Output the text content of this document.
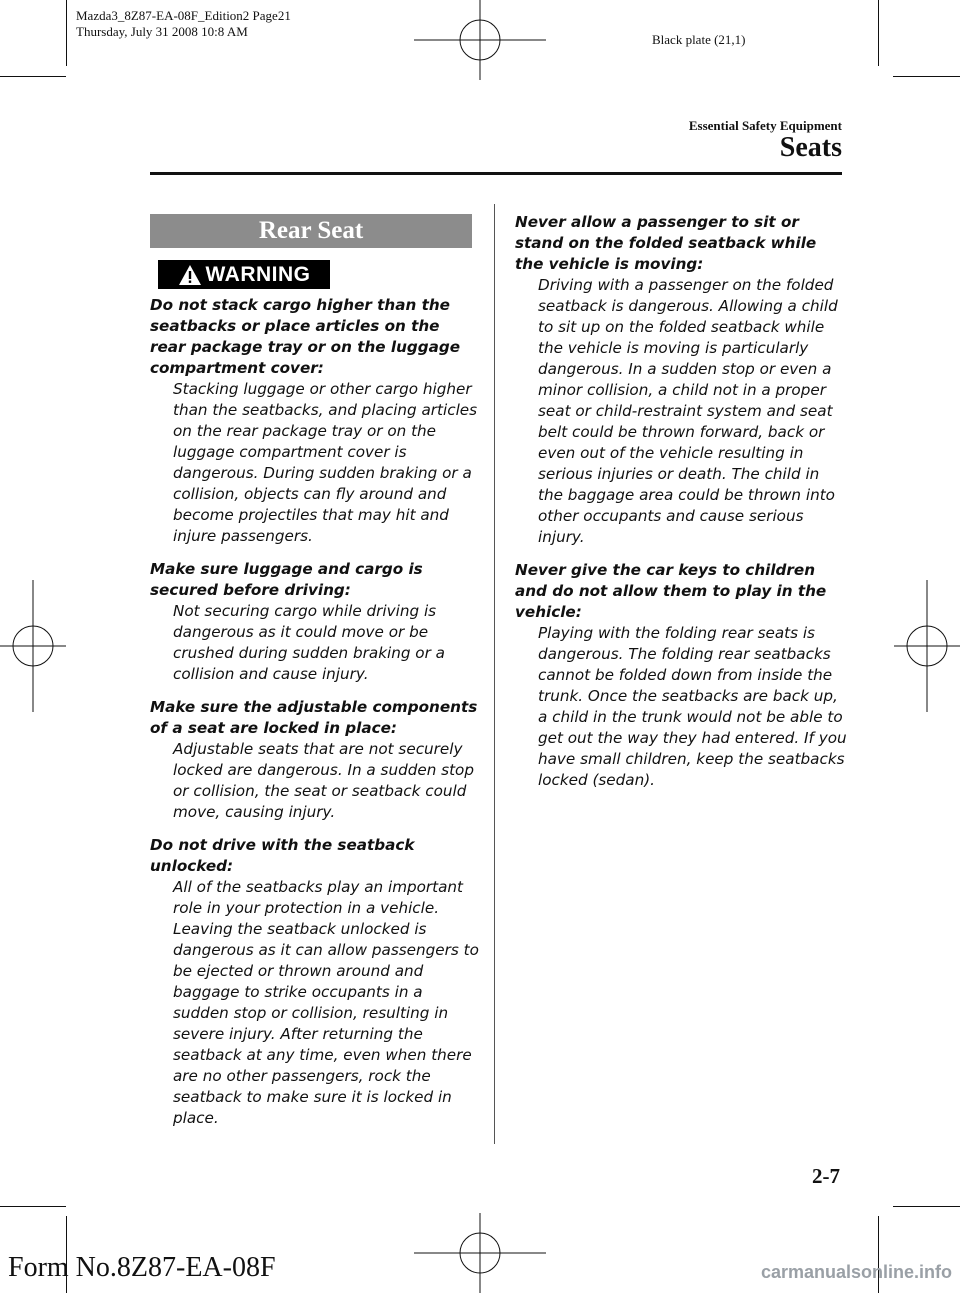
Mazda3_8Z87-EA-08F_Edition2 Page21
Thursday, July 31 2008 10:8 AM
Black plate (21,1)
Essential Safety Equipment
Seats
Rear Seat
WARNING
Do not stack cargo higher than the seatbacks or place articles on the rear package tray or on the luggage compartment cover:
Stacking luggage or other cargo higher than the seatbacks, and placing articles on the rear package tray or on the luggage compartment cover is dangerous. During sudden braking or a collision, objects can fly around and become projectiles that may hit and injure passengers.
Make sure luggage and cargo is secured before driving:
Not securing cargo while driving is dangerous as it could move or be crushed during sudden braking or a collision and cause injury.
Make sure the adjustable components of a seat are locked in place:
Adjustable seats that are not securely locked are dangerous. In a sudden stop or collision, the seat or seatback could move, causing injury.
Do not drive with the seatback unlocked:
All of the seatbacks play an important role in your protection in a vehicle. Leaving the seatback unlocked is dangerous as it can allow passengers to be ejected or thrown around and baggage to strike occupants in a sudden stop or collision, resulting in severe injury. After returning the seatback at any time, even when there are no other passengers, rock the seatback to make sure it is locked in place.
Never allow a passenger to sit or stand on the folded seatback while the vehicle is moving:
Driving with a passenger on the folded seatback is dangerous. Allowing a child to sit up on the folded seatback while the vehicle is moving is particularly dangerous. In a sudden stop or even a minor collision, a child not in a proper seat or child-restraint system and seat belt could be thrown forward, back or even out of the vehicle resulting in serious injuries or death. The child in the baggage area could be thrown into other occupants and cause serious injury.
Never give the car keys to children and do not allow them to play in the vehicle:
Playing with the folding rear seats is dangerous. The folding rear seatbacks cannot be folded down from inside the trunk. Once the seatbacks are back up, a child in the trunk would not be able to get out the way they had entered. If you have small children, keep the seatbacks locked (sedan).
2-7
Form No.8Z87-EA-08F	carmanualsonline.info
